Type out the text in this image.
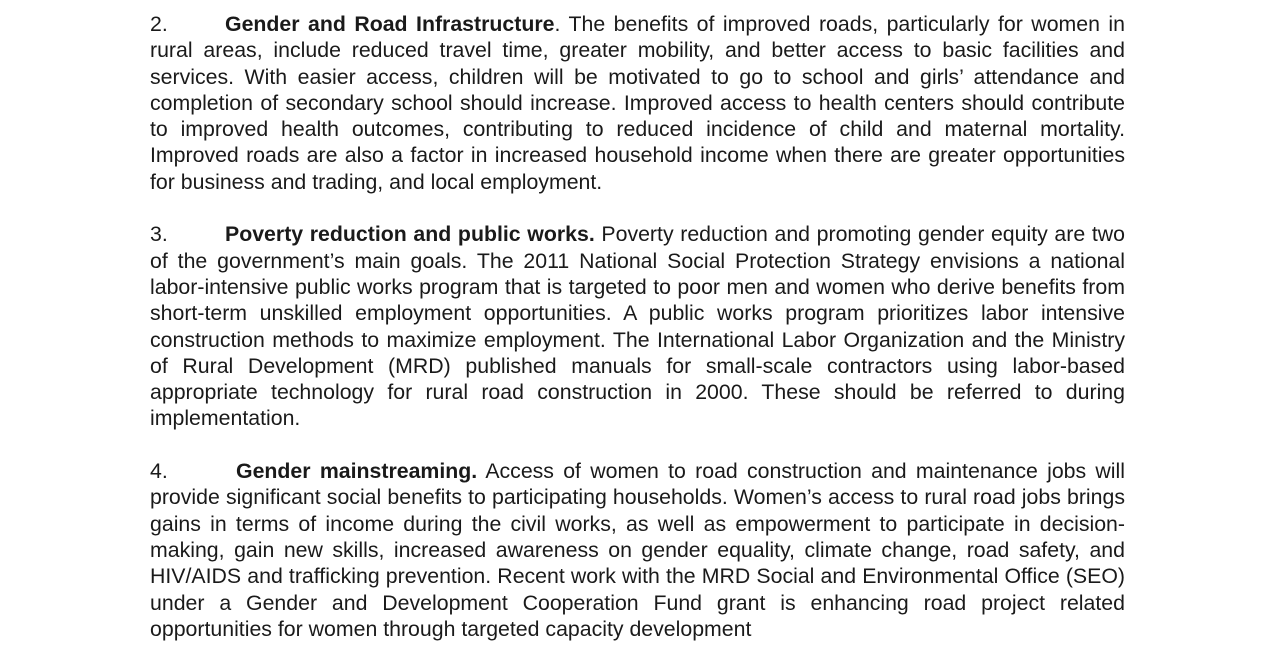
2.	Gender and Road Infrastructure. The benefits of improved roads, particularly for women in rural areas, include reduced travel time, greater mobility, and better access to basic facilities and services. With easier access, children will be motivated to go to school and girls’ attendance and completion of secondary school should increase. Improved access to health centers should contribute to improved health outcomes, contributing to reduced incidence of child and maternal mortality. Improved roads are also a factor in increased household income when there are greater opportunities for business and trading, and local employment.

3.	Poverty reduction and public works. Poverty reduction and promoting gender equity are two of the government’s main goals. The 2011 National Social Protection Strategy envisions a national labor-intensive public works program that is targeted to poor men and women who derive benefits from short-term unskilled employment opportunities. A public works program prioritizes labor intensive construction methods to maximize employment. The International Labor Organization and the Ministry of Rural Development (MRD) published manuals for small-scale contractors using labor-based appropriate technology for rural road construction in 2000. These should be referred to during implementation.

4.	Gender mainstreaming. Access of women to road construction and maintenance jobs will provide significant social benefits to participating households. Women’s access to rural road jobs brings gains in terms of income during the civil works, as well as empowerment to participate in decision-making, gain new skills, increased awareness on gender equality, climate change, road safety, and HIV/AIDS and trafficking prevention. Recent work with the MRD Social and Environmental Office (SEO) under a Gender and Development Cooperation Fund grant is enhancing road project related opportunities for women through targeted capacity development
